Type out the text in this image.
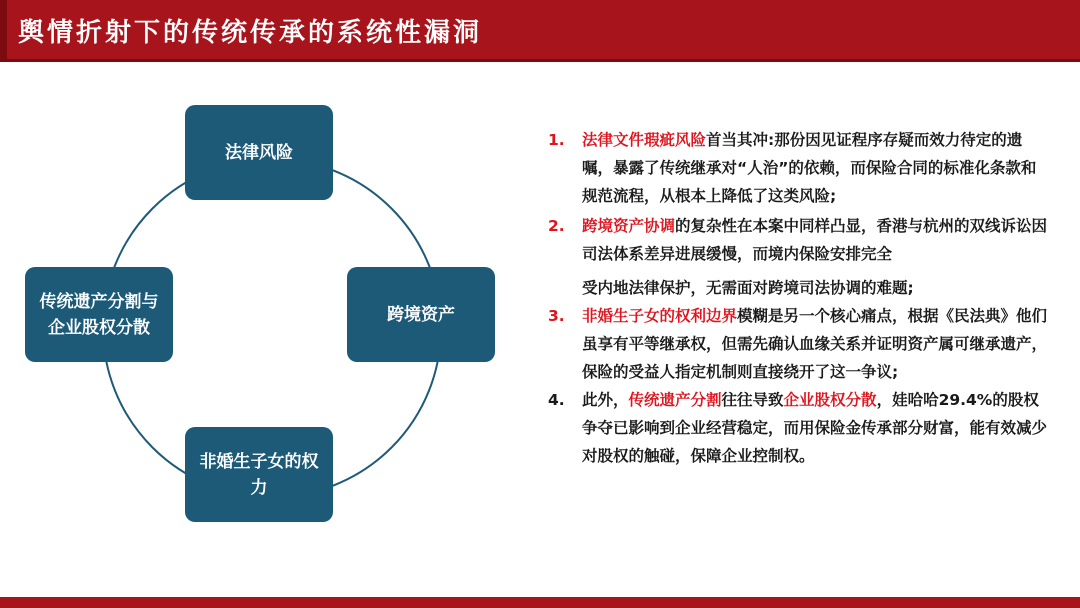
舆情折射下的传统传承的系统性漏洞
法律风险
跨境资产
非婚生子女的权力
传统遗产分割与企业股权分散
1. 法律文件瑕疵风险首当其冲:那份因见证程序存疑而效力待定的遗嘱，暴露了传统继承对“人治”的依赖，而保险合同的标准化条款和规范流程，从根本上降低了这类风险;
2. 跨境资产协调的复杂性在本案中同样凸显，香港与杭州的双线诉讼因司法体系差异进展缓慢，而境内保险安排完全
受内地法律保护，无需面对跨境司法协调的难题;
3. 非婚生子女的权利边界模糊是另一个核心痛点，根据《民法典》他们虽享有平等继承权，但需先确认血缘关系并证明资产属可继承遗产，保险的受益人指定机制则直接绕开了这一争议;
4. 此外，传统遗产分割往往导致企业股权分散，娃哈哈29.4%的股权争夺已影响到企业经营稳定，而用保险金传承部分财富，能有效减少对股权的触碰，保障企业控制权。
